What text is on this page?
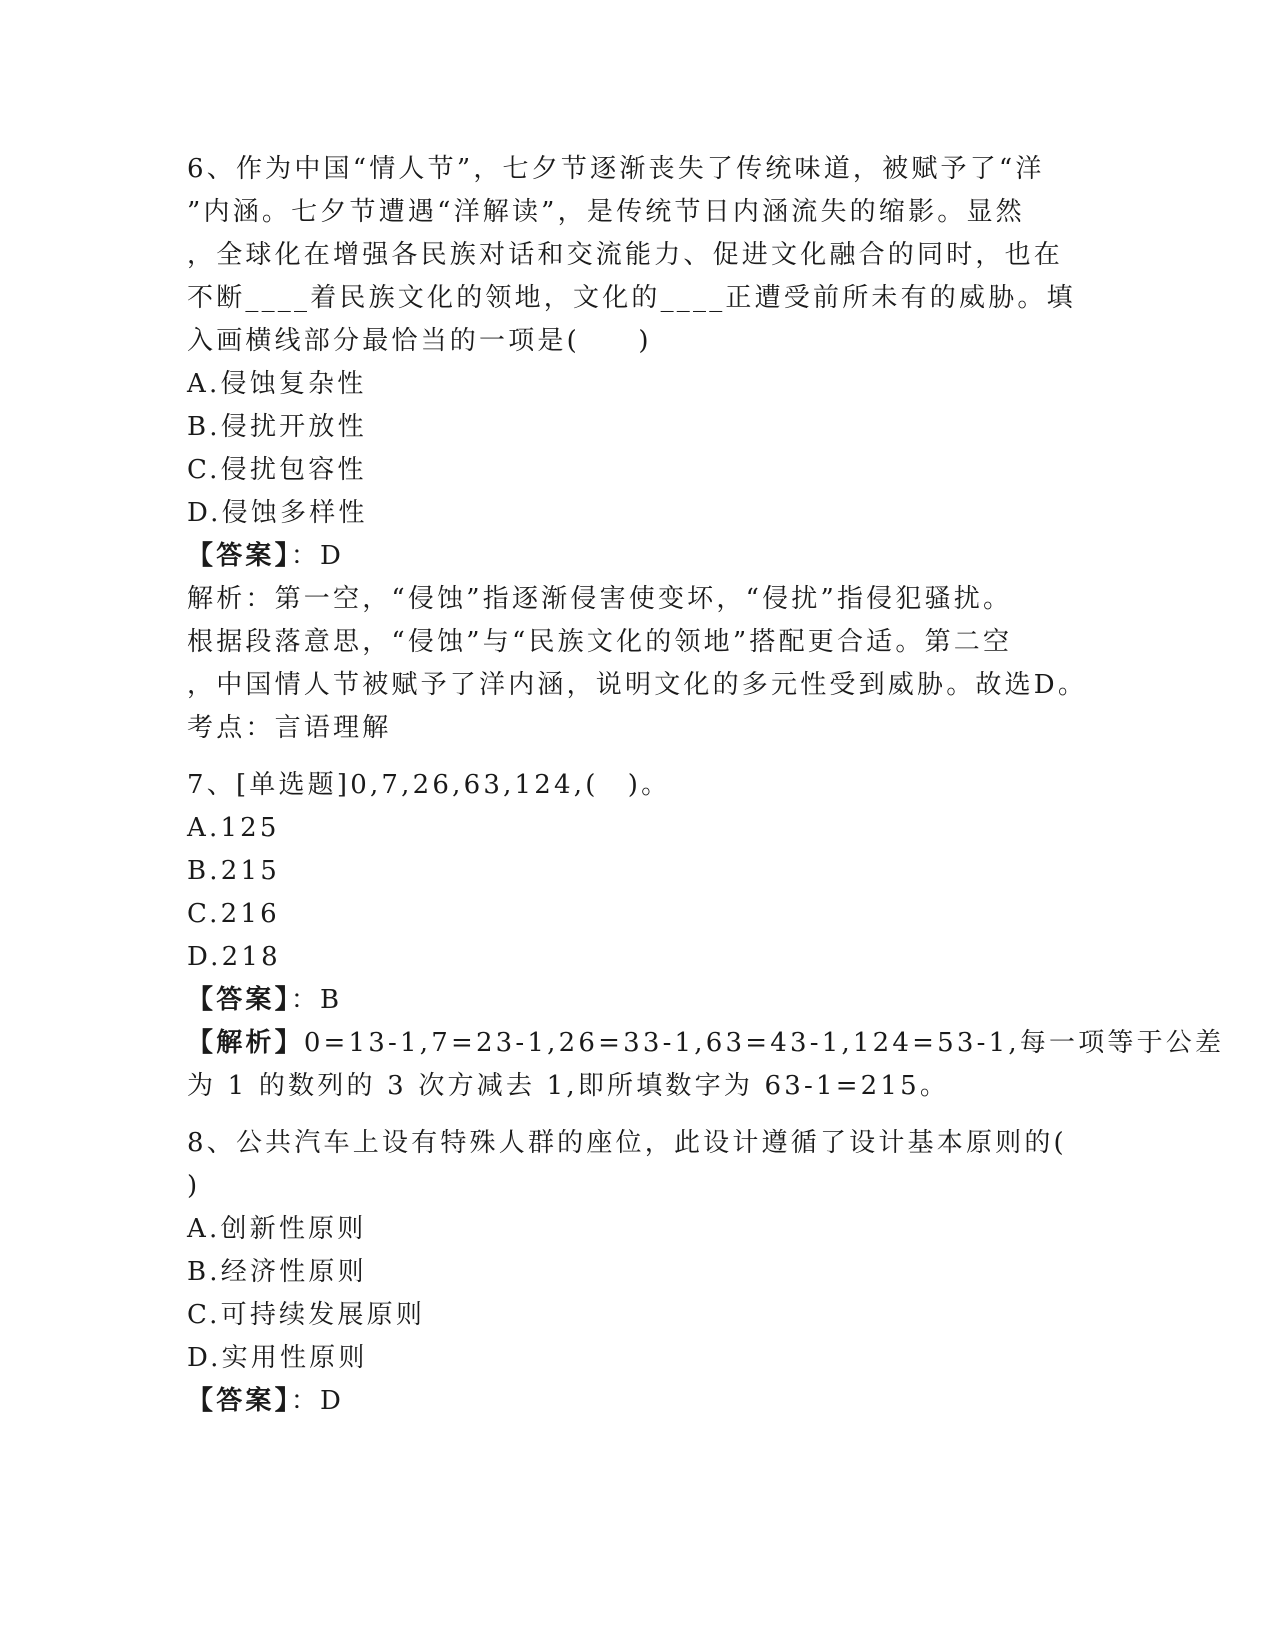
6、作为中国“情人节”，七夕节逐渐丧失了传统味道，被赋予了“洋
”内涵。七夕节遭遇“洋解读”，是传统节日内涵流失的缩影。显然
，全球化在增强各民族对话和交流能力、促进文化融合的同时，也在
不断____着民族文化的领地，文化的____正遭受前所未有的威胁。填
入画横线部分最恰当的一项是(　　)
A.侵蚀复杂性
B.侵扰开放性
C.侵扰包容性
D.侵蚀多样性
【答案】：D
解析：第一空，“侵蚀”指逐渐侵害使变坏，“侵扰”指侵犯骚扰。
根据段落意思，“侵蚀”与“民族文化的领地”搭配更合适。第二空
，中国情人节被赋予了洋内涵，说明文化的多元性受到威胁。故选D。
考点：言语理解
7、[单选题]0,7,26,63,124,(　)。
A.125
B.215
C.216
D.218
【答案】：B
【解析】0=13-1,7=23-1,26=33-1,63=43-1,124=53-1,每一项等于公差
为 1 的数列的 3 次方减去 1,即所填数字为 63-1=215。
8、公共汽车上设有特殊人群的座位，此设计遵循了设计基本原则的(
)
A.创新性原则
B.经济性原则
C.可持续发展原则
D.实用性原则
【答案】：D
